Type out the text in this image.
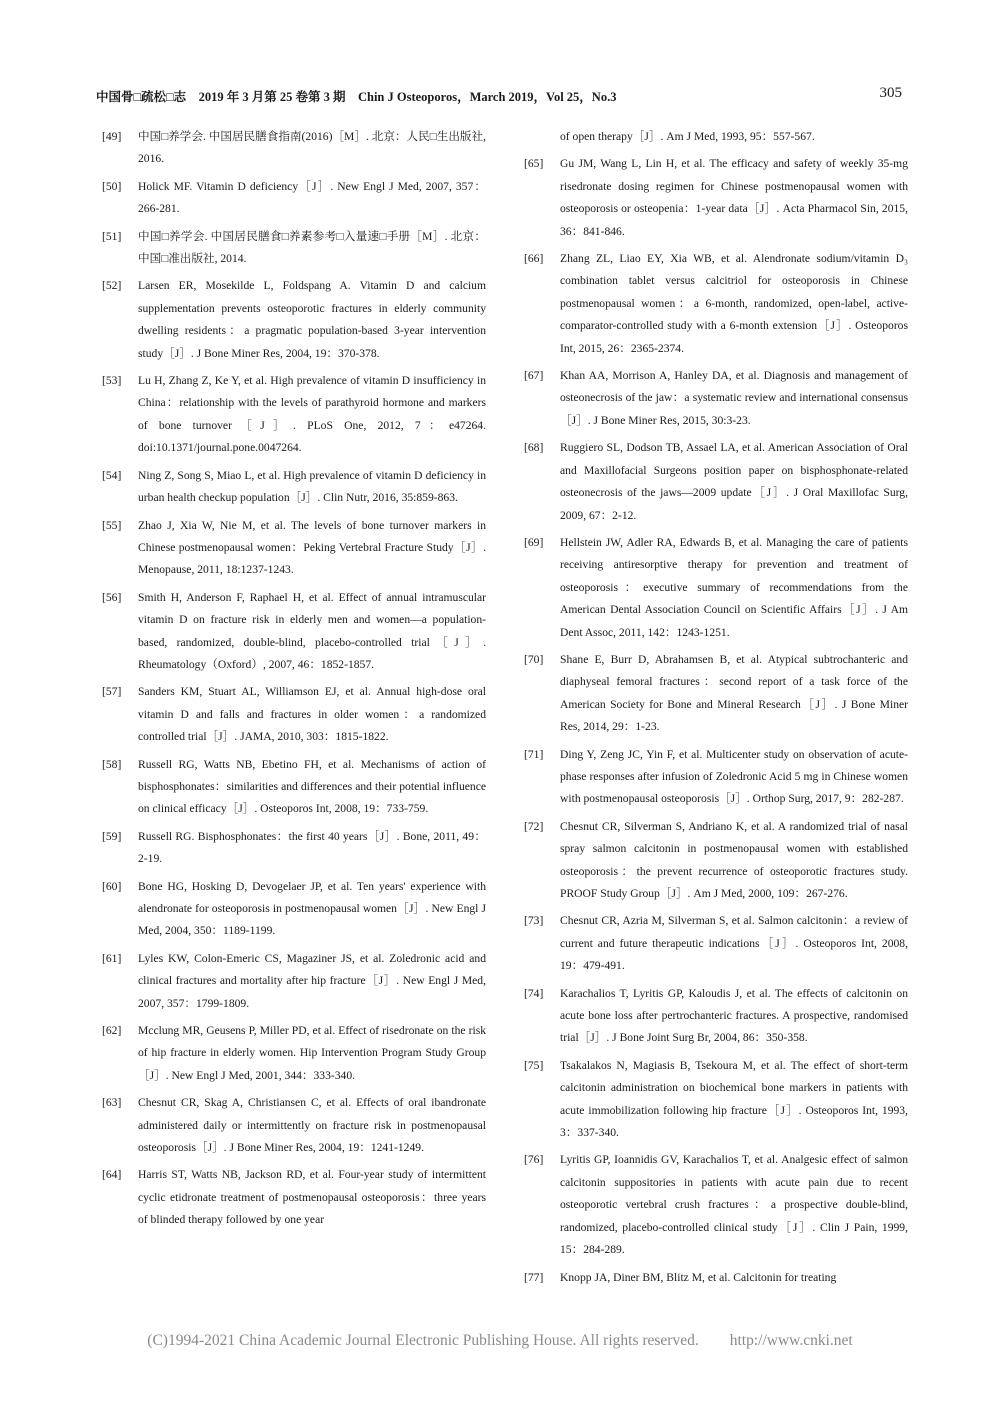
中国骨□疏松□志　2019 年 3 月第 25 卷第 3 期　Chin J Osteoporos，March 2019，Vol 25，No.3	305
[49] 中国□养学会. 中国居民膳食指南(2016)［M］. 北京：人民□生出版社, 2016.
[50] Holick MF. Vitamin D deficiency［J］. New Engl J Med, 2007, 357：266-281.
[51] 中国□养学会. 中国居民膳食□养素参考□入量速□手册［M］. 北京：中国□准出版社, 2014.
[52] Larsen ER, Mosekilde L, Foldspang A. Vitamin D and calcium supplementation prevents osteoporotic fractures in elderly community dwelling residents：a pragmatic population-based 3-year intervention study［J］. J Bone Miner Res, 2004, 19：370-378.
[53] Lu H, Zhang Z, Ke Y, et al. High prevalence of vitamin D insufficiency in China：relationship with the levels of parathyroid hormone and markers of bone turnover［J］. PLoS One, 2012, 7：e47264. doi:10.1371/journal.pone.0047264.
[54] Ning Z, Song S, Miao L, et al. High prevalence of vitamin D deficiency in urban health checkup population［J］. Clin Nutr, 2016, 35:859-863.
[55] Zhao J, Xia W, Nie M, et al. The levels of bone turnover markers in Chinese postmenopausal women：Peking Vertebral Fracture Study［J］. Menopause, 2011, 18:1237-1243.
[56] Smith H, Anderson F, Raphael H, et al. Effect of annual intramuscular vitamin D on fracture risk in elderly men and women—a population-based, randomized, double-blind, placebo-controlled trial［J］. Rheumatology（Oxford）, 2007, 46：1852-1857.
[57] Sanders KM, Stuart AL, Williamson EJ, et al. Annual high-dose oral vitamin D and falls and fractures in older women：a randomized controlled trial［J］. JAMA, 2010, 303：1815-1822.
[58] Russell RG, Watts NB, Ebetino FH, et al. Mechanisms of action of bisphosphonates：similarities and differences and their potential influence on clinical efficacy［J］. Osteoporos Int, 2008, 19：733-759.
[59] Russell RG. Bisphosphonates：the first 40 years［J］. Bone, 2011, 49：2-19.
[60] Bone HG, Hosking D, Devogelaer JP, et al. Ten years' experience with alendronate for osteoporosis in postmenopausal women［J］. New Engl J Med, 2004, 350：1189-1199.
[61] Lyles KW, Colon-Emeric CS, Magaziner JS, et al. Zoledronic acid and clinical fractures and mortality after hip fracture［J］. New Engl J Med, 2007, 357：1799-1809.
[62] Mcclung MR, Geusens P, Miller PD, et al. Effect of risedronate on the risk of hip fracture in elderly women. Hip Intervention Program Study Group［J］. New Engl J Med, 2001, 344：333-340.
[63] Chesnut CR, Skag A, Christiansen C, et al. Effects of oral ibandronate administered daily or intermittently on fracture risk in postmenopausal osteoporosis［J］. J Bone Miner Res, 2004, 19：1241-1249.
[64] Harris ST, Watts NB, Jackson RD, et al. Four-year study of intermittent cyclic etidronate treatment of postmenopausal osteoporosis：three years of blinded therapy followed by one year
of open therapy［J］. Am J Med, 1993, 95：557-567.
[65] Gu JM, Wang L, Lin H, et al. The efficacy and safety of weekly 35-mg risedronate dosing regimen for Chinese postmenopausal women with osteoporosis or osteopenia：1-year data［J］. Acta Pharmacol Sin, 2015, 36：841-846.
[66] Zhang ZL, Liao EY, Xia WB, et al. Alendronate sodium/vitamin D₃ combination tablet versus calcitriol for osteoporosis in Chinese postmenopausal women：a 6-month, randomized, open-label, active-comparator-controlled study with a 6-month extension［J］. Osteoporos Int, 2015, 26：2365-2374.
[67] Khan AA, Morrison A, Hanley DA, et al. Diagnosis and management of osteonecrosis of the jaw：a systematic review and international consensus［J］. J Bone Miner Res, 2015, 30:3-23.
[68] Ruggiero SL, Dodson TB, Assael LA, et al. American Association of Oral and Maxillofacial Surgeons position paper on bisphosphonate-related osteonecrosis of the jaws—2009 update［J］. J Oral Maxillofac Surg, 2009, 67：2-12.
[69] Hellstein JW, Adler RA, Edwards B, et al. Managing the care of patients receiving antiresorptive therapy for prevention and treatment of osteoporosis：executive summary of recommendations from the American Dental Association Council on Scientific Affairs［J］. J Am Dent Assoc, 2011, 142：1243-1251.
[70] Shane E, Burr D, Abrahamsen B, et al. Atypical subtrochanteric and diaphyseal femoral fractures：second report of a task force of the American Society for Bone and Mineral Research［J］. J Bone Miner Res, 2014, 29：1-23.
[71] Ding Y, Zeng JC, Yin F, et al. Multicenter study on observation of acute-phase responses after infusion of Zoledronic Acid 5 mg in Chinese women with postmenopausal osteoporosis［J］. Orthop Surg, 2017, 9：282-287.
[72] Chesnut CR, Silverman S, Andriano K, et al. A randomized trial of nasal spray salmon calcitonin in postmenopausal women with established osteoporosis：the prevent recurrence of osteoporotic fractures study. PROOF Study Group［J］. Am J Med, 2000, 109：267-276.
[73] Chesnut CR, Azria M, Silverman S, et al. Salmon calcitonin：a review of current and future therapeutic indications［J］. Osteoporos Int, 2008, 19：479-491.
[74] Karachalios T, Lyritis GP, Kaloudis J, et al. The effects of calcitonin on acute bone loss after pertrochanteric fractures. A prospective, randomised trial［J］. J Bone Joint Surg Br, 2004, 86：350-358.
[75] Tsakalakos N, Magiasis B, Tsekoura M, et al. The effect of short-term calcitonin administration on biochemical bone markers in patients with acute immobilization following hip fracture［J］. Osteoporos Int, 1993, 3：337-340.
[76] Lyritis GP, Ioannidis GV, Karachalios T, et al. Analgesic effect of salmon calcitonin suppositories in patients with acute pain due to recent osteoporotic vertebral crush fractures：a prospective double-blind, randomized, placebo-controlled clinical study［J］. Clin J Pain, 1999, 15：284-289.
[77] Knopp JA, Diner BM, Blitz M, et al. Calcitonin for treating
(C)1994-2021 China Academic Journal Electronic Publishing House. All rights reserved.　　http://www.cnki.net
